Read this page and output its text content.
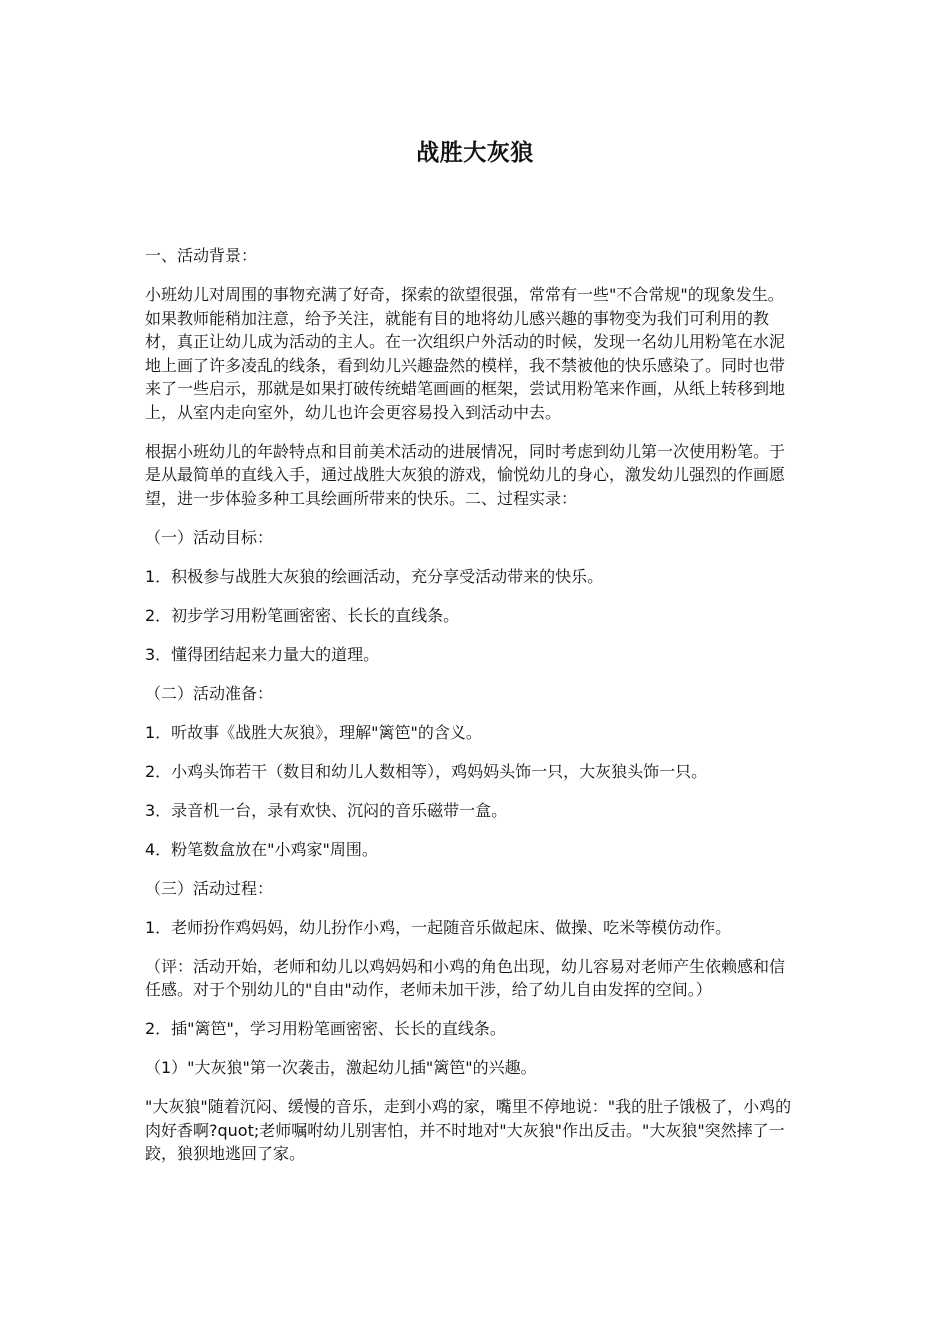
战胜大灰狼

一、活动背景：

小班幼儿对周围的事物充满了好奇，探索的欲望很强，常常有一些"不合常规"的现象发生。如果教师能稍加注意，给予关注，就能有目的地将幼儿感兴趣的事物变为我们可利用的教材，真正让幼儿成为活动的主人。在一次组织户外活动的时候，发现一名幼儿用粉笔在水泥地上画了许多凌乱的线条，看到幼儿兴趣盎然的模样，我不禁被他的快乐感染了。同时也带来了一些启示，那就是如果打破传统蜡笔画画的框架，尝试用粉笔来作画，从纸上转移到地上，从室内走向室外，幼儿也许会更容易投入到活动中去。

根据小班幼儿的年龄特点和目前美术活动的进展情况，同时考虑到幼儿第一次使用粉笔。于是从最简单的直线入手，通过战胜大灰狼的游戏，愉悦幼儿的身心，激发幼儿强烈的作画愿望，进一步体验多种工具绘画所带来的快乐。二、过程实录：

（一）活动目标：

1．积极参与战胜大灰狼的绘画活动，充分享受活动带来的快乐。

2．初步学习用粉笔画密密、长长的直线条。

3．懂得团结起来力量大的道理。

（二）活动准备：

1．听故事《战胜大灰狼》，理解"篱笆"的含义。

2．小鸡头饰若干（数目和幼儿人数相等），鸡妈妈头饰一只，大灰狼头饰一只。

3．录音机一台，录有欢快、沉闷的音乐磁带一盒。

4．粉笔数盒放在"小鸡家"周围。

（三）活动过程：

1．老师扮作鸡妈妈，幼儿扮作小鸡，一起随音乐做起床、做操、吃米等模仿动作。

（评：活动开始，老师和幼儿以鸡妈妈和小鸡的角色出现，幼儿容易对老师产生依赖感和信任感。对于个别幼儿的"自由"动作，老师未加干涉，给了幼儿自由发挥的空间。）

2．插"篱笆"，学习用粉笔画密密、长长的直线条。

（1）"大灰狼"第一次袭击，激起幼儿插"篱笆"的兴趣。

"大灰狼"随着沉闷、缓慢的音乐，走到小鸡的家，嘴里不停地说："我的肚子饿极了，小鸡的肉好香啊?quot;老师嘱咐幼儿别害怕，并不时地对"大灰狼"作出反击。"大灰狼"突然摔了一跤，狼狈地逃回了家。
